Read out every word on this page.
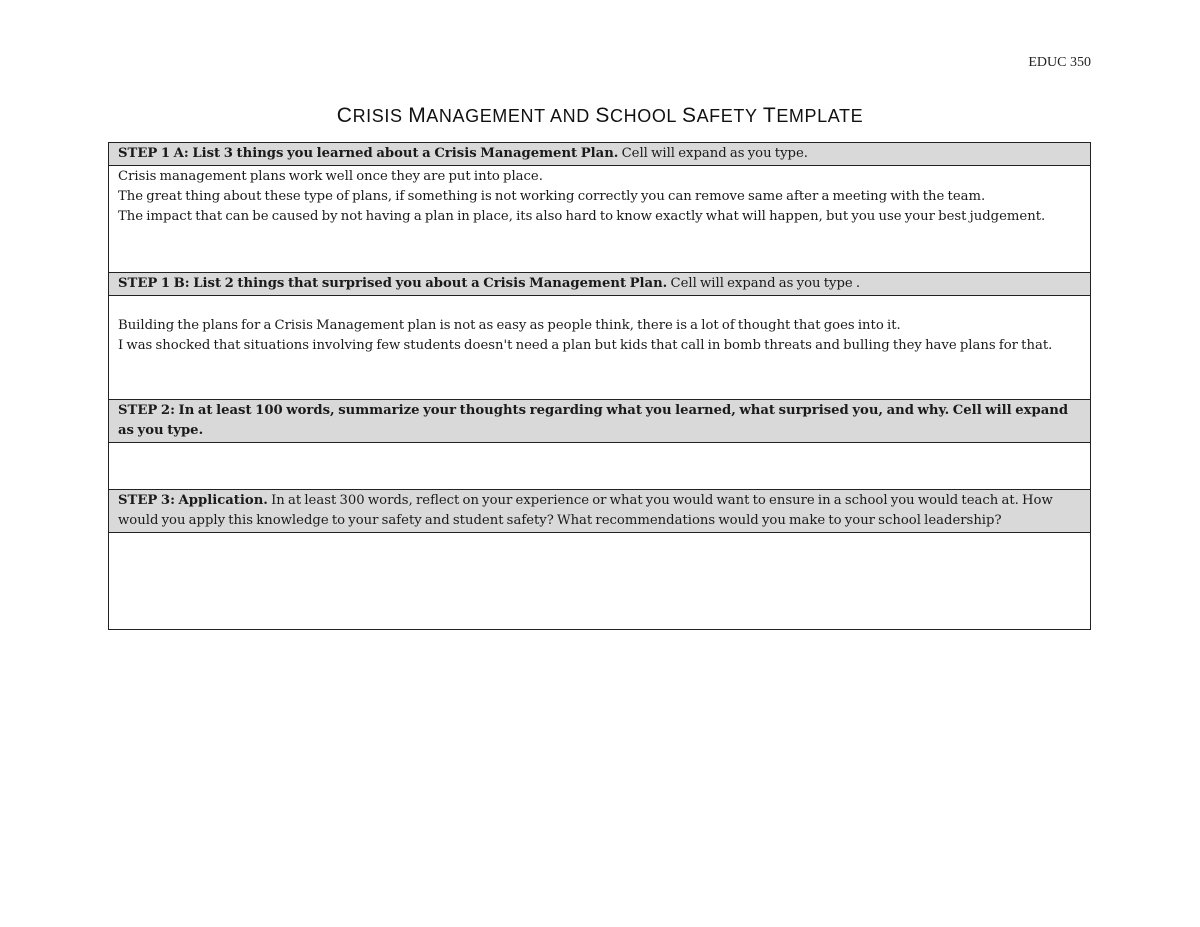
EDUC 350
CRISIS MANAGEMENT AND SCHOOL SAFETY TEMPLATE
STEP 1 A: List 3 things you learned about a Crisis Management Plan. Cell will expand as you type.

Crisis management plans work well once they are put into place.
The great thing about these type of plans, if something is not working correctly you can remove same after a meeting with the team.
The impact that can be caused by not having a plan in place, its also hard to know exactly what will happen, but you use your best judgement.

STEP 1 B: List 2 things that surprised you about a Crisis Management Plan. Cell will expand as you type .

Building the plans for a Crisis Management plan is not as easy as people think, there is a lot of thought that goes into it.
I was shocked that situations involving few students doesn't need a plan but kids that call in bomb threats and bulling they have plans for that.

STEP 2: In at least 100 words, summarize your thoughts regarding what you learned, what surprised you, and why. Cell will expand as you type.

STEP 3: Application. In at least 300 words, reflect on your experience or what you would want to ensure in a school you would teach at. How would you apply this knowledge to your safety and student safety? What recommendations would you make to your school leadership?
